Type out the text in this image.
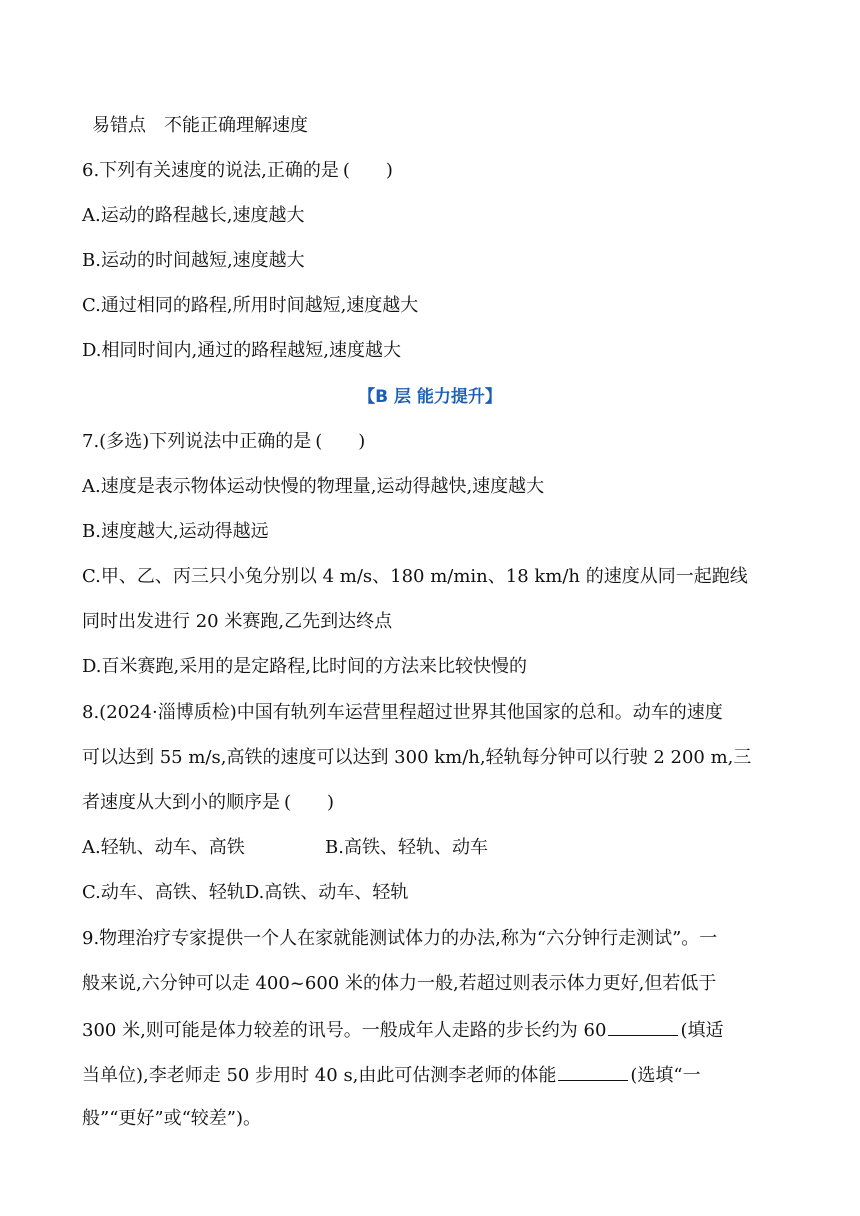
易错点 不能正确理解速度
6.下列有关速度的说法,正确的是 (　　)
A.运动的路程越长,速度越大
B.运动的时间越短,速度越大
C.通过相同的路程,所用时间越短,速度越大
D.相同时间内,通过的路程越短,速度越大
【B 层 能力提升】
7.(多选)下列说法中正确的是 (　　)
A.速度是表示物体运动快慢的物理量,运动得越快,速度越大
B.速度越大,运动得越远
C.甲、乙、丙三只小兔分别以 4 m/s、180 m/min、18 km/h 的速度从同一起跑线
同时出发进行 20 米赛跑,乙先到达终点
D.百米赛跑,采用的是定路程,比时间的方法来比较快慢的
8.(2024·淄博质检)中国有轨列车运营里程超过世界其他国家的总和。动车的速度
可以达到 55 m/s,高铁的速度可以达到 300 km/h,轻轨每分钟可以行驶 2 200 m,三
者速度从大到小的顺序是 (　　)
A.轻轨、动车、高铁	B.高铁、轻轨、动车
C.动车、高铁、轻轨D.高铁、动车、轻轨
9.物理治疗专家提供一个人在家就能测试体力的办法,称为“六分钟行走测试”。一
般来说,六分钟可以走 400~600 米的体力一般,若超过则表示体力更好,但若低于
300 米,则可能是体力较差的讯号。一般成年人走路的步长约为 60	(填适
当单位),李老师走 50 步用时 40 s,由此可估测李老师的体能	(选填“一
般”“更好”或“较差”)。
